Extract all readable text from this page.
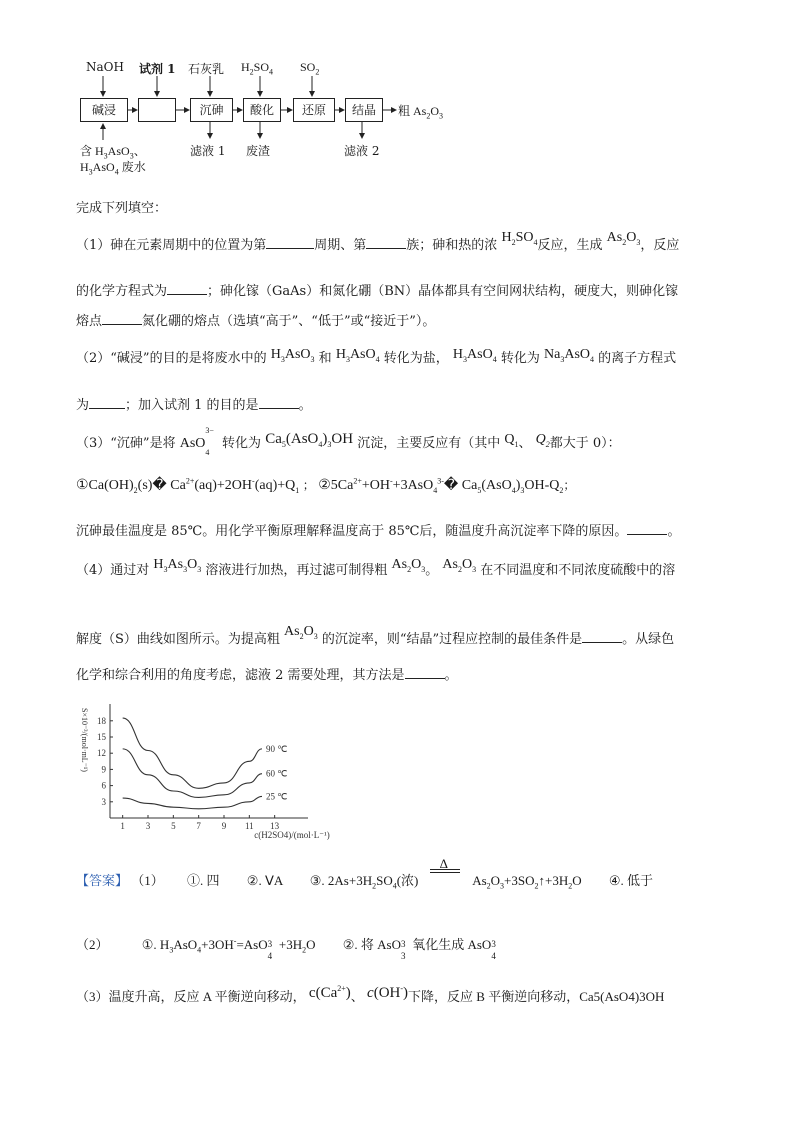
NaOH 试剂 1 石灰乳 $H_2SO_4$ $SO_2$
碱浸	沉砷	酸化	还原	结晶	粗 $As_2O_3$
含 $H_3AsO_3$、
$H_3AsO_4$ 废水
滤液 1 废渣	滤液 2
完成下列填空：
（1）砷在元素周期中的位置为第	周期、第	族；砷和热的浓 $H_2SO_4$反应，生成 $As_2O_3$，反应
的化学方程式为	；砷化镓（GaAs）和氮化硼（BN）晶体都具有空间网状结构，硬度大，则砷化镓
熔点	氮化硼的熔点（选填“高于”、“低于”或“接近于”）。
（2）“碱浸”的目的是将废水中的 $H_3AsO_3$ 和 $H_3AsO_4$ 转化为盐， $H_3AsO_4$ 转化为 $Na_3AsO_4$ 的离子方程式
为	；加入试剂 1 的目的是	。
（3）“沉砷”是将 AsO$_4^{3-}$ 转化为 $Ca_5(AsO_4)_3OH$ 沉淀，主要反应有（其中 $Q_1$、 $Q_2$都大于 0）：
$①Ca(OH)_2(s)�$ $Ca^{2+}(aq)+2OH^-(aq)+Q_1$ ； $②5Ca^{2+}+OH^-+3AsO_4^{3-}�$ $Ca_5(AsO_4)_3OH-Q_2$；
沉砷最佳温度是 85℃。用化学平衡原理解释温度高于 85℃后，随温度升高沉淀率下降的原因。	。
（4）通过对 $H_3As_3O_3$ 溶液进行加热，再过滤可制得粗 $As_2O_3$。 $As_2O_3$ 在不同温度和不同浓度硫酸中的溶
解度（S）曲线如图所示。为提高粗 $As_2O_3$ 的沉淀率，则“结晶”过程应控制的最佳条件是	。从绿色
化学和综合利用的角度考虑，滤液 2 需要处理，其方法是	。
1 3 5 7 9 11 13
3
6
9
12
15
18
S×10⁻³/(mol·mL⁻¹)
c(H2SO4)/(mol·L⁻¹)
90 ℃
60 ℃
25 ℃
【答案】 （1） ①. 四 ②. ⅤA ③. $2As+3H_2SO_4$(浓)
Δ
$As_2O_3+3SO_2↑+3H_2O$ ④. 低于
（2）	①. $H_3AsO_4+3OH^-=AsO$ 3
4
$+3H_2O$ ②. 将 AsO 3
3
氧化生成 AsO 3
4
（3）温度升高，反应 A 平衡逆向移动， $c(Ca^{2+})$、 c(OH-)下降，反应 B 平衡逆向移动，Ca5(AsO4)3OH
